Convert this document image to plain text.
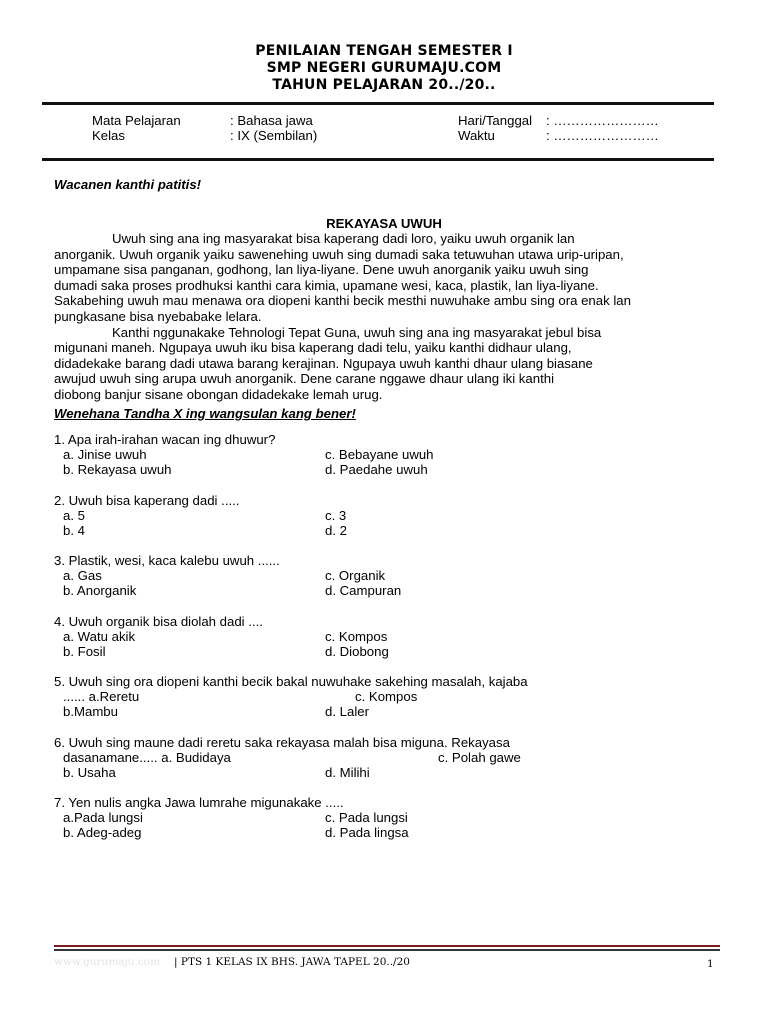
PENILAIAN TENGAH SEMESTER I
SMP NEGERI GURUMAJU.COM
TAHUN PELAJARAN 20../20..
Mata Pelajaran	: Bahasa jawa
Kelas	: IX (Sembilan)
Hari/Tanggal : ……………………
Waktu	: ……………………
Wacanen kanthi patitis!
REKAYASA UWUH
Uwuh sing ana ing masyarakat bisa kaperang dadi loro, yaiku uwuh organik lan
anorganik. Uwuh organik yaiku sawenehing uwuh sing dumadi saka tetuwuhan utawa urip-uripan,
umpamane sisa panganan, godhong, lan liya-liyane. Dene uwuh anorganik yaiku uwuh sing
dumadi saka proses prodhuksi kanthi cara kimia, upamane wesi, kaca, plastik, lan liya-liyane.
Sakabehing uwuh mau menawa ora diopeni kanthi becik mesthi nuwuhake ambu sing ora enak lan
pungkasane bisa nyebabake lelara.
Kanthi nggunakake Tehnologi Tepat Guna, uwuh sing ana ing masyarakat jebul bisa
migunani maneh. Ngupaya uwuh iku bisa kaperang dadi telu, yaiku kanthi didhaur ulang,
didadekake barang dadi utawa barang kerajinan. Ngupaya uwuh kanthi dhaur ulang biasane
awujud uwuh sing arupa uwuh anorganik. Dene carane nggawe dhaur ulang iki kanthi
diobong banjur sisane obongan didadekake lemah urug.
Wenehana Tandha X ing wangsulan kang bener!
1. Apa irah-irahan wacan ing dhuwur?
a. Jinise uwuh	c. Bebayane uwuh
b. Rekayasa uwuh	d. Paedahe uwuh
2. Uwuh bisa kaperang dadi .....
a. 5	c. 3
b. 4	d. 2
3. Plastik, wesi, kaca kalebu uwuh ......
a. Gas	c. Organik
b. Anorganik	d. Campuran
4. Uwuh organik bisa diolah dadi ....
a. Watu akik	c. Kompos
b. Fosil	d. Diobong
5. Uwuh sing ora diopeni kanthi becik bakal nuwuhake sakehing masalah, kajaba
...... a.Reretu	c. Kompos
b.Mambu	d. Laler
6. Uwuh sing maune dadi reretu saka rekayasa malah bisa miguna. Rekayasa
dasanamane..... a. Budidaya	c. Polah gawe
b. Usaha	d. Milihi
7. Yen nulis angka Jawa lumrahe migunakake .....
a.Pada lungsi	c. Pada lungsi
b. Adeg-adeg	d. Pada lingsa
www.gurumaju.com | PTS 1 KELAS IX BHS. JAWA TAPEL 20../20	1
